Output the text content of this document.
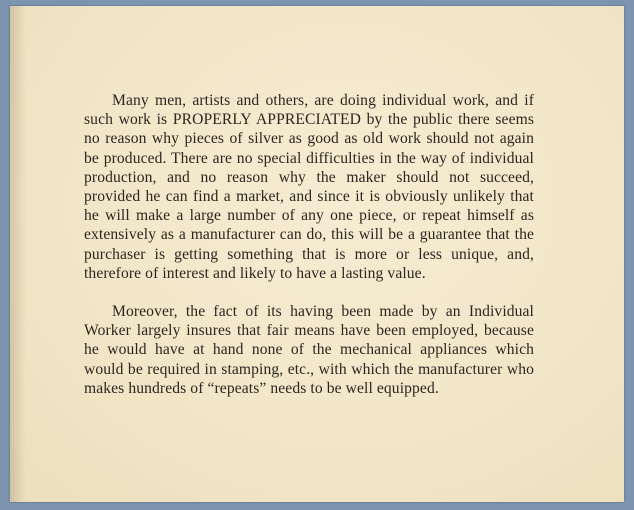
Many men, artists and others, are doing individual work, and if such work is PROPERLY APPRECIATED by the public there seems no reason why pieces of silver as good as old work should not again be produced. There are no special difficulties in the way of individual production, and no reason why the maker should not succeed, provided he can find a market, and since it is obviously unlikely that he will make a large number of any one piece, or repeat himself as extensively as a manufacturer can do, this will be a guarantee that the purchaser is getting something that is more or less unique, and, therefore of interest and likely to have a lasting value.

Moreover, the fact of its having been made by an Individual Worker largely insures that fair means have been employed, because he would have at hand none of the mechanical appliances which would be required in stamping, etc., with which the manufacturer who makes hundreds of “repeats” needs to be well equipped.
